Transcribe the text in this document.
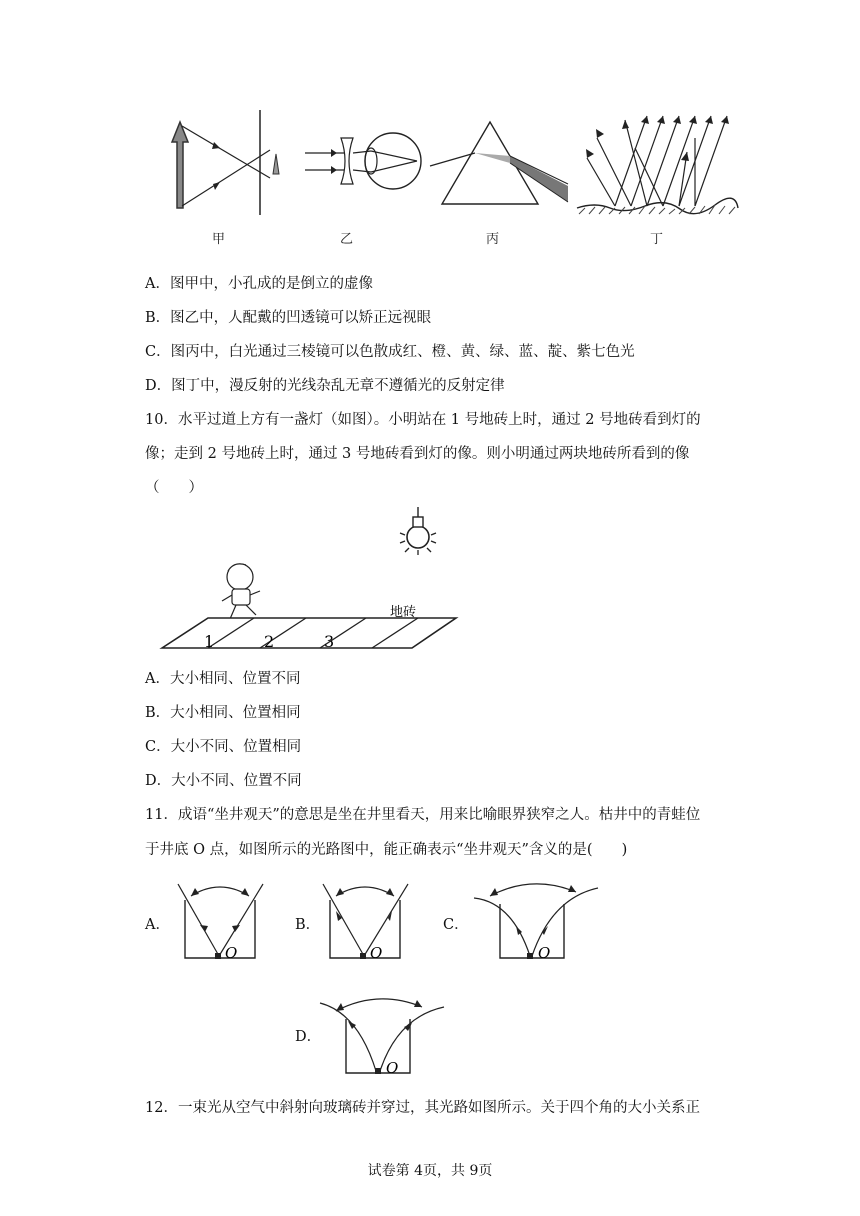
甲	乙	丙	丁
A．图甲中，小孔成的是倒立的虚像
B．图乙中，人配戴的凹透镜可以矫正远视眼
C．图丙中，白光通过三棱镜可以色散成红、橙、黄、绿、蓝、靛、紫七色光
D．图丁中，漫反射的光线杂乱无章不遵循光的反射定律
10．水平过道上方有一盏灯（如图）。小明站在 1 号地砖上时，通过 2 号地砖看到灯的
像；走到 2 号地砖上时，通过 3 号地砖看到灯的像。则小明通过两块地砖所看到的像
（　　）
1	2	3
地砖
A．大小相同、位置不同
B．大小相同、位置相同
C．大小不同、位置相同
D．大小不同、位置不同
11．成语“坐井观天”的意思是坐在井里看天，用来比喻眼界狭窄之人。枯井中的青蛙位
于井底 O 点，如图所示的光路图中，能正确表示“坐井观天”含义的是(　　)
A．
O
B．
O
C．
O
D．
O
12．一束光从空气中斜射向玻璃砖并穿过，其光路如图所示。关于四个角的大小关系正
试卷第 4页，共 9页
